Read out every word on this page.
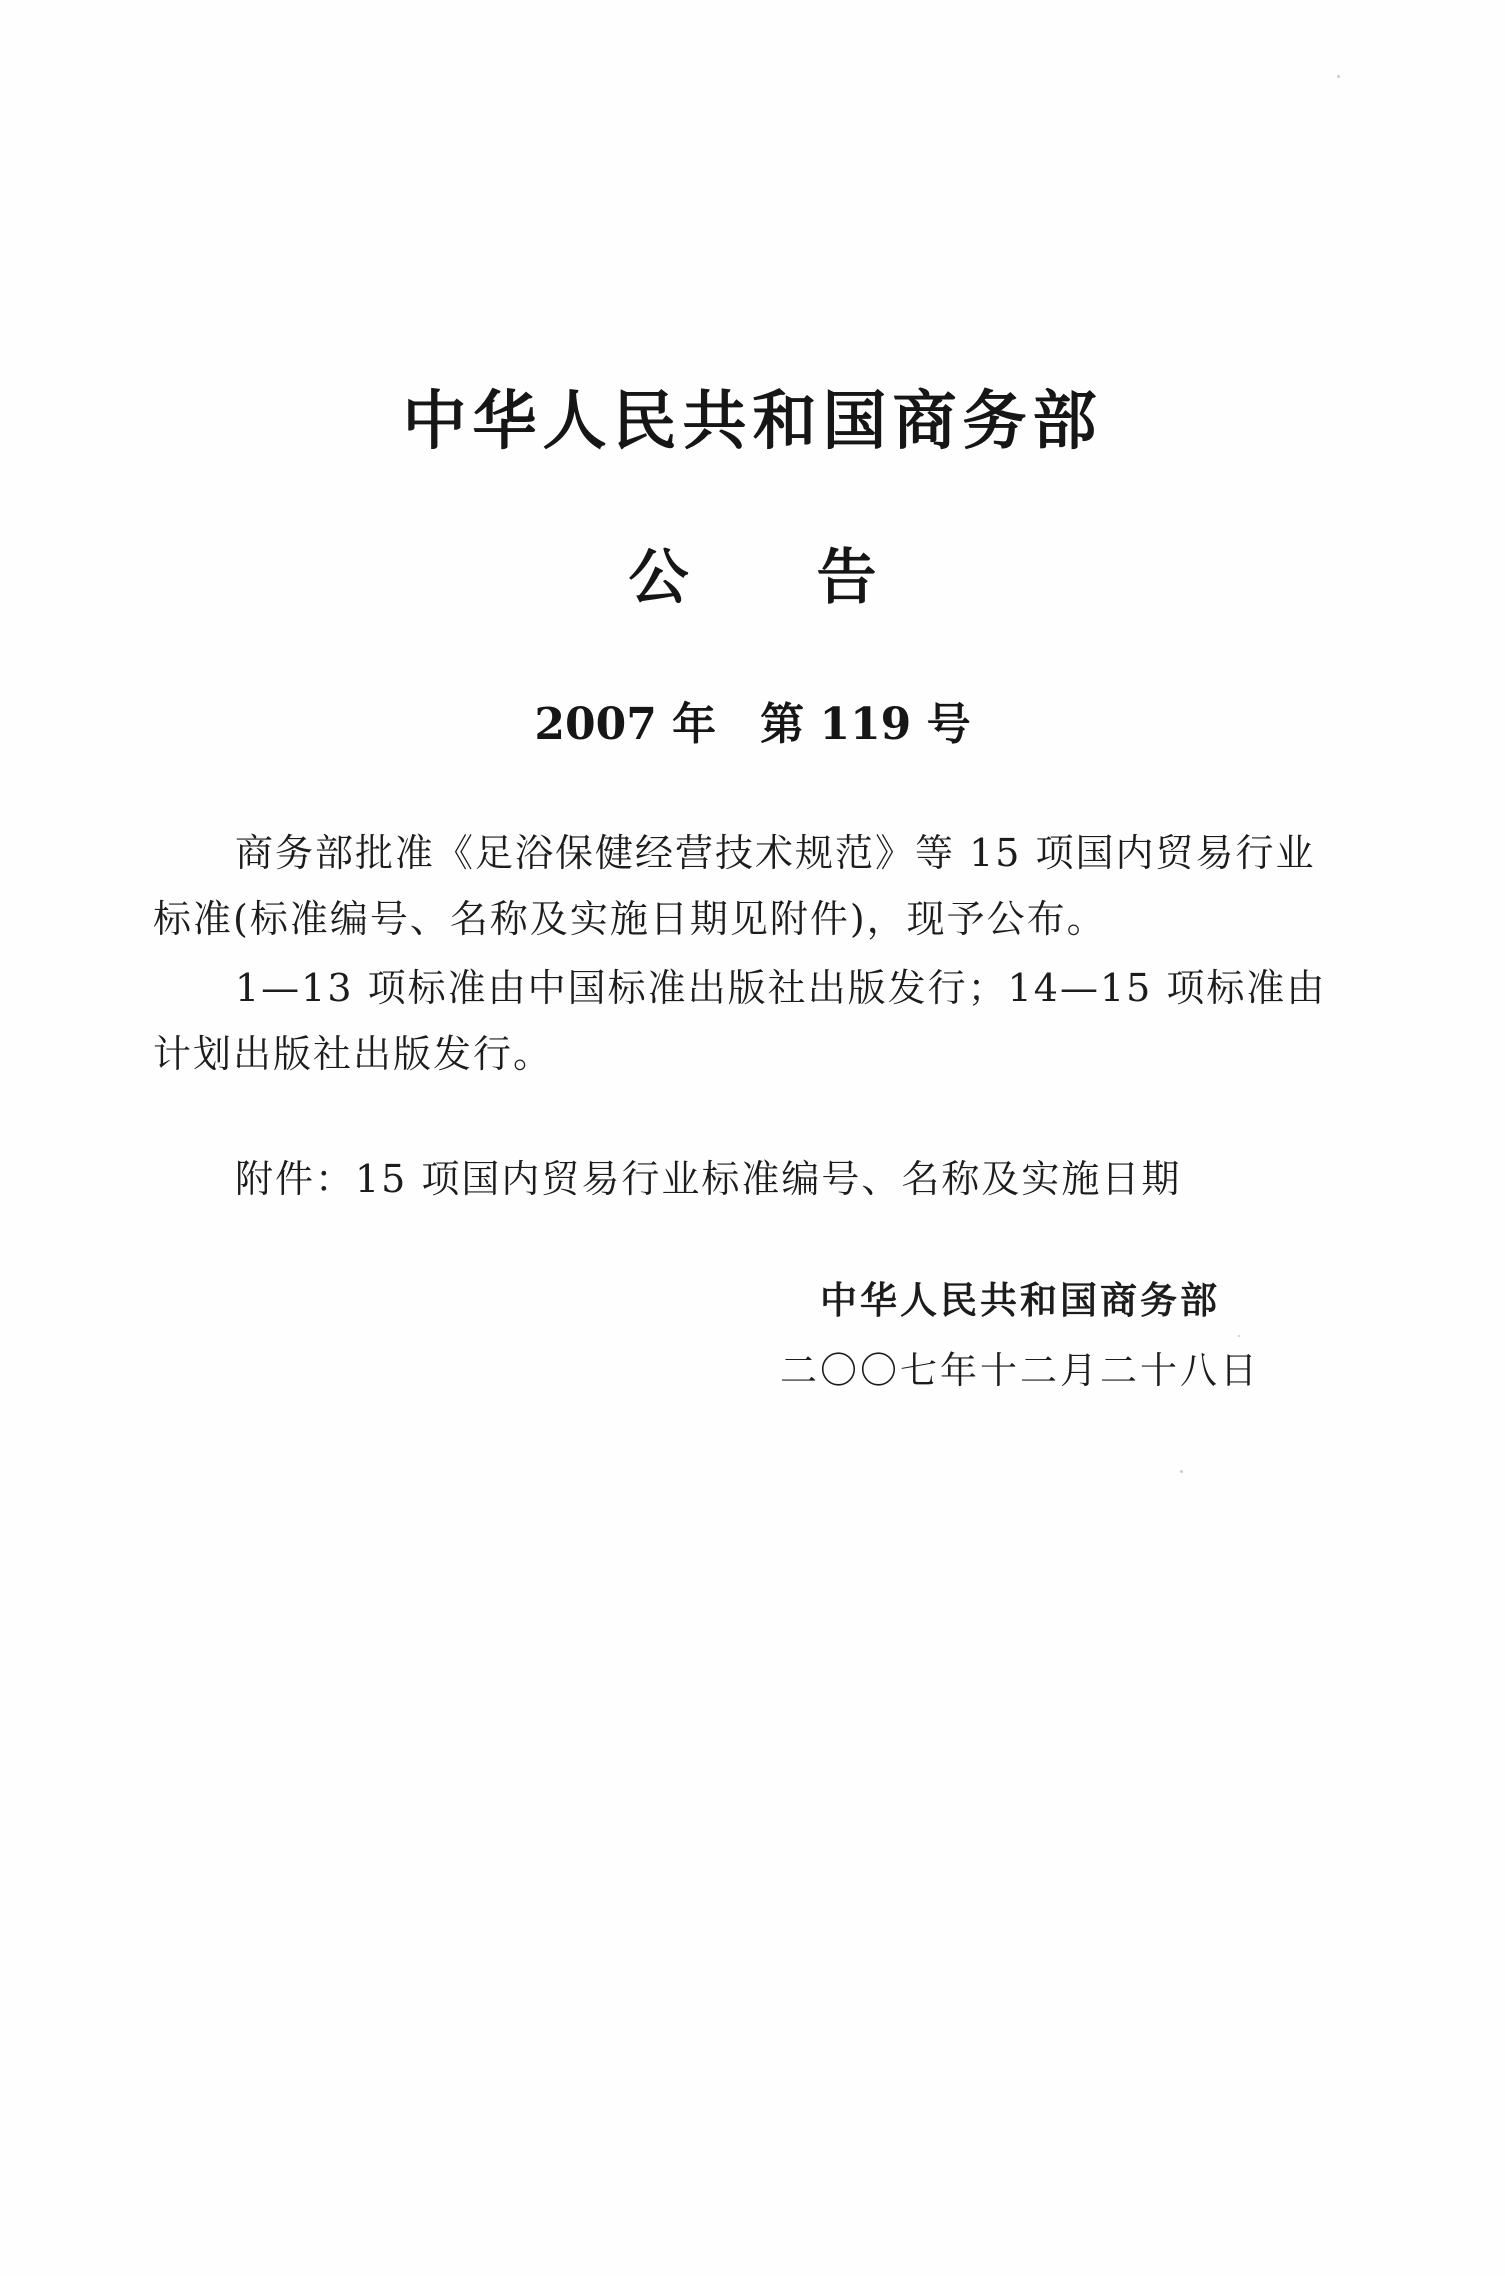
中华人民共和国商务部
公告
2007 年　第 119 号
商务部批准《足浴保健经营技术规范》等 15 项国内贸易行业
标准(标准编号、名称及实施日期见附件)，现予公布。
1—13 项标准由中国标准出版社出版发行；14—15 项标准由
计划出版社出版发行。
附件：15 项国内贸易行业标准编号、名称及实施日期
中华人民共和国商务部
二〇〇七年十二月二十八日
